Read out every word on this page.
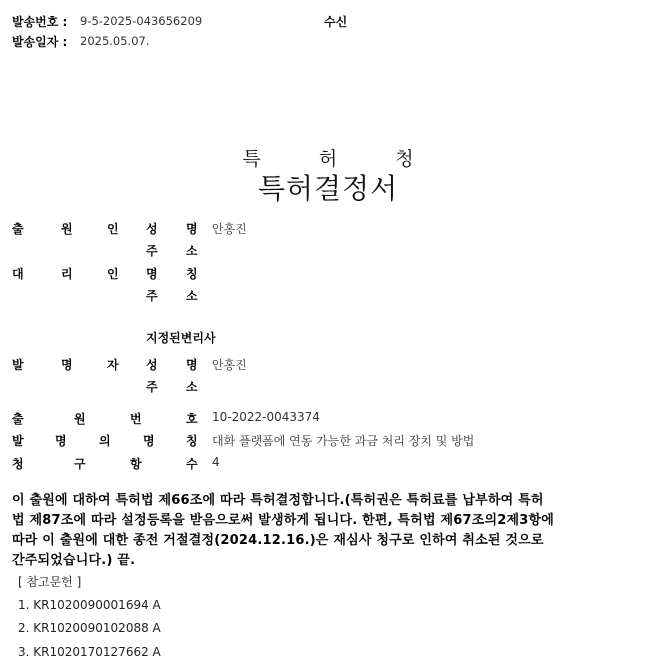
발송번호 : 9-5-2025-043656209	수신
발송일자 : 2025.05.07.
특 허 청
특허결정서
출	원	인 성 명 안홍진
주 소
대	리	인 명 칭
주 소
지정된변리사
발	명	자 성 명 안홍진
주 소
출	원	번	호 10-2022-0043374
발	명	의	명	칭 대화 플랫폼에 연동 가능한 과금 처리 장치 및 방법
청	구	항	수 4
이 출원에 대하여 특허법 제66조에 따라 특허결정합니다.(특허권은 특허료를 납부하여 특허
법 제87조에 따라 설정등록을 받음으로써 발생하게 됩니다. 한편, 특허법 제67조의2제3항에
따라 이 출원에 대한 종전 거절결정(2024.12.16.)은 재심사 청구로 인하여 취소된 것으로
간주되었습니다.) 끝.
[ 참고문헌 ]
1. KR1020090001694 A
2. KR1020090102088 A
3. KR1020170127662 A
